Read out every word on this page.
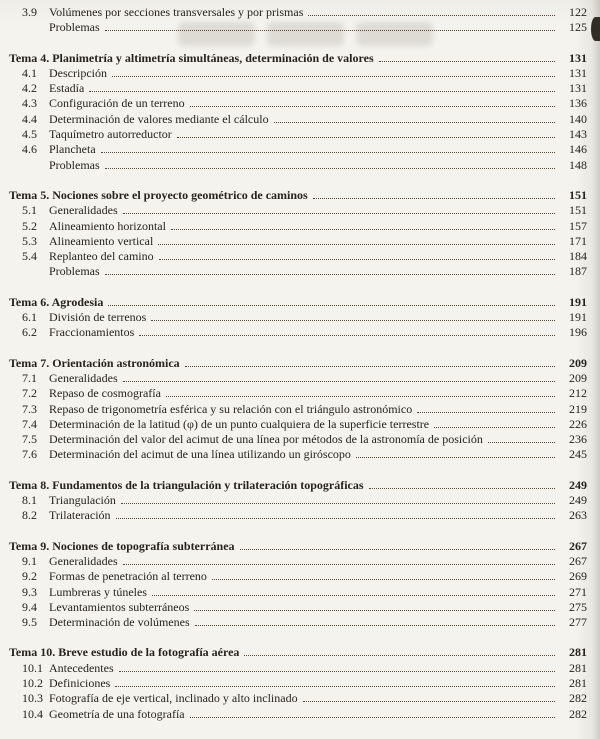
3.9	Volúmenes por secciones transversales y por prismas	122
Problemas	125
Tema 4. Planimetría y altimetría simultáneas, determinación de valores	131
4.1	Descripción	131
4.2	Estadía	131
4.3	Configuración de un terreno	136
4.4	Determinación de valores mediante el cálculo	140
4.5	Taquímetro autorreductor	143
4.6	Plancheta	146
Problemas	148
Tema 5. Nociones sobre el proyecto geométrico de caminos	151
5.1	Generalidades	151
5.2	Alineamiento horizontal	157
5.3	Alineamiento vertical	171
5.4	Replanteo del camino	184
Problemas	187
Tema 6. Agrodesia	191
6.1	División de terrenos	191
6.2	Fraccionamientos	196
Tema 7. Orientación astronómica	209
7.1	Generalidades	209
7.2	Repaso de cosmografía	212
7.3	Repaso de trigonometría esférica y su relación con el triángulo astronómico	219
7.4	Determinación de la latitud (φ) de un punto cualquiera de la superficie terrestre	226
7.5	Determinación del valor del acimut de una línea por métodos de la astronomía de posición	236
7.6	Determinación del acimut de una línea utilizando un giróscopo	245
Tema 8. Fundamentos de la triangulación y trilateración topográficas	249
8.1	Triangulación	249
8.2	Trilateración	263
Tema 9. Nociones de topografía subterránea	267
9.1	Generalidades	267
9.2	Formas de penetración al terreno	269
9.3	Lumbreras y túneles	271
9.4	Levantamientos subterráneos	275
9.5	Determinación de volúmenes	277
Tema 10. Breve estudio de la fotografía aérea	281
10.1 Antecedentes	281
10.2 Definiciones	281
10.3 Fotografía de eje vertical, inclinado y alto inclinado	282
10.4 Geometría de una fotografía	282
